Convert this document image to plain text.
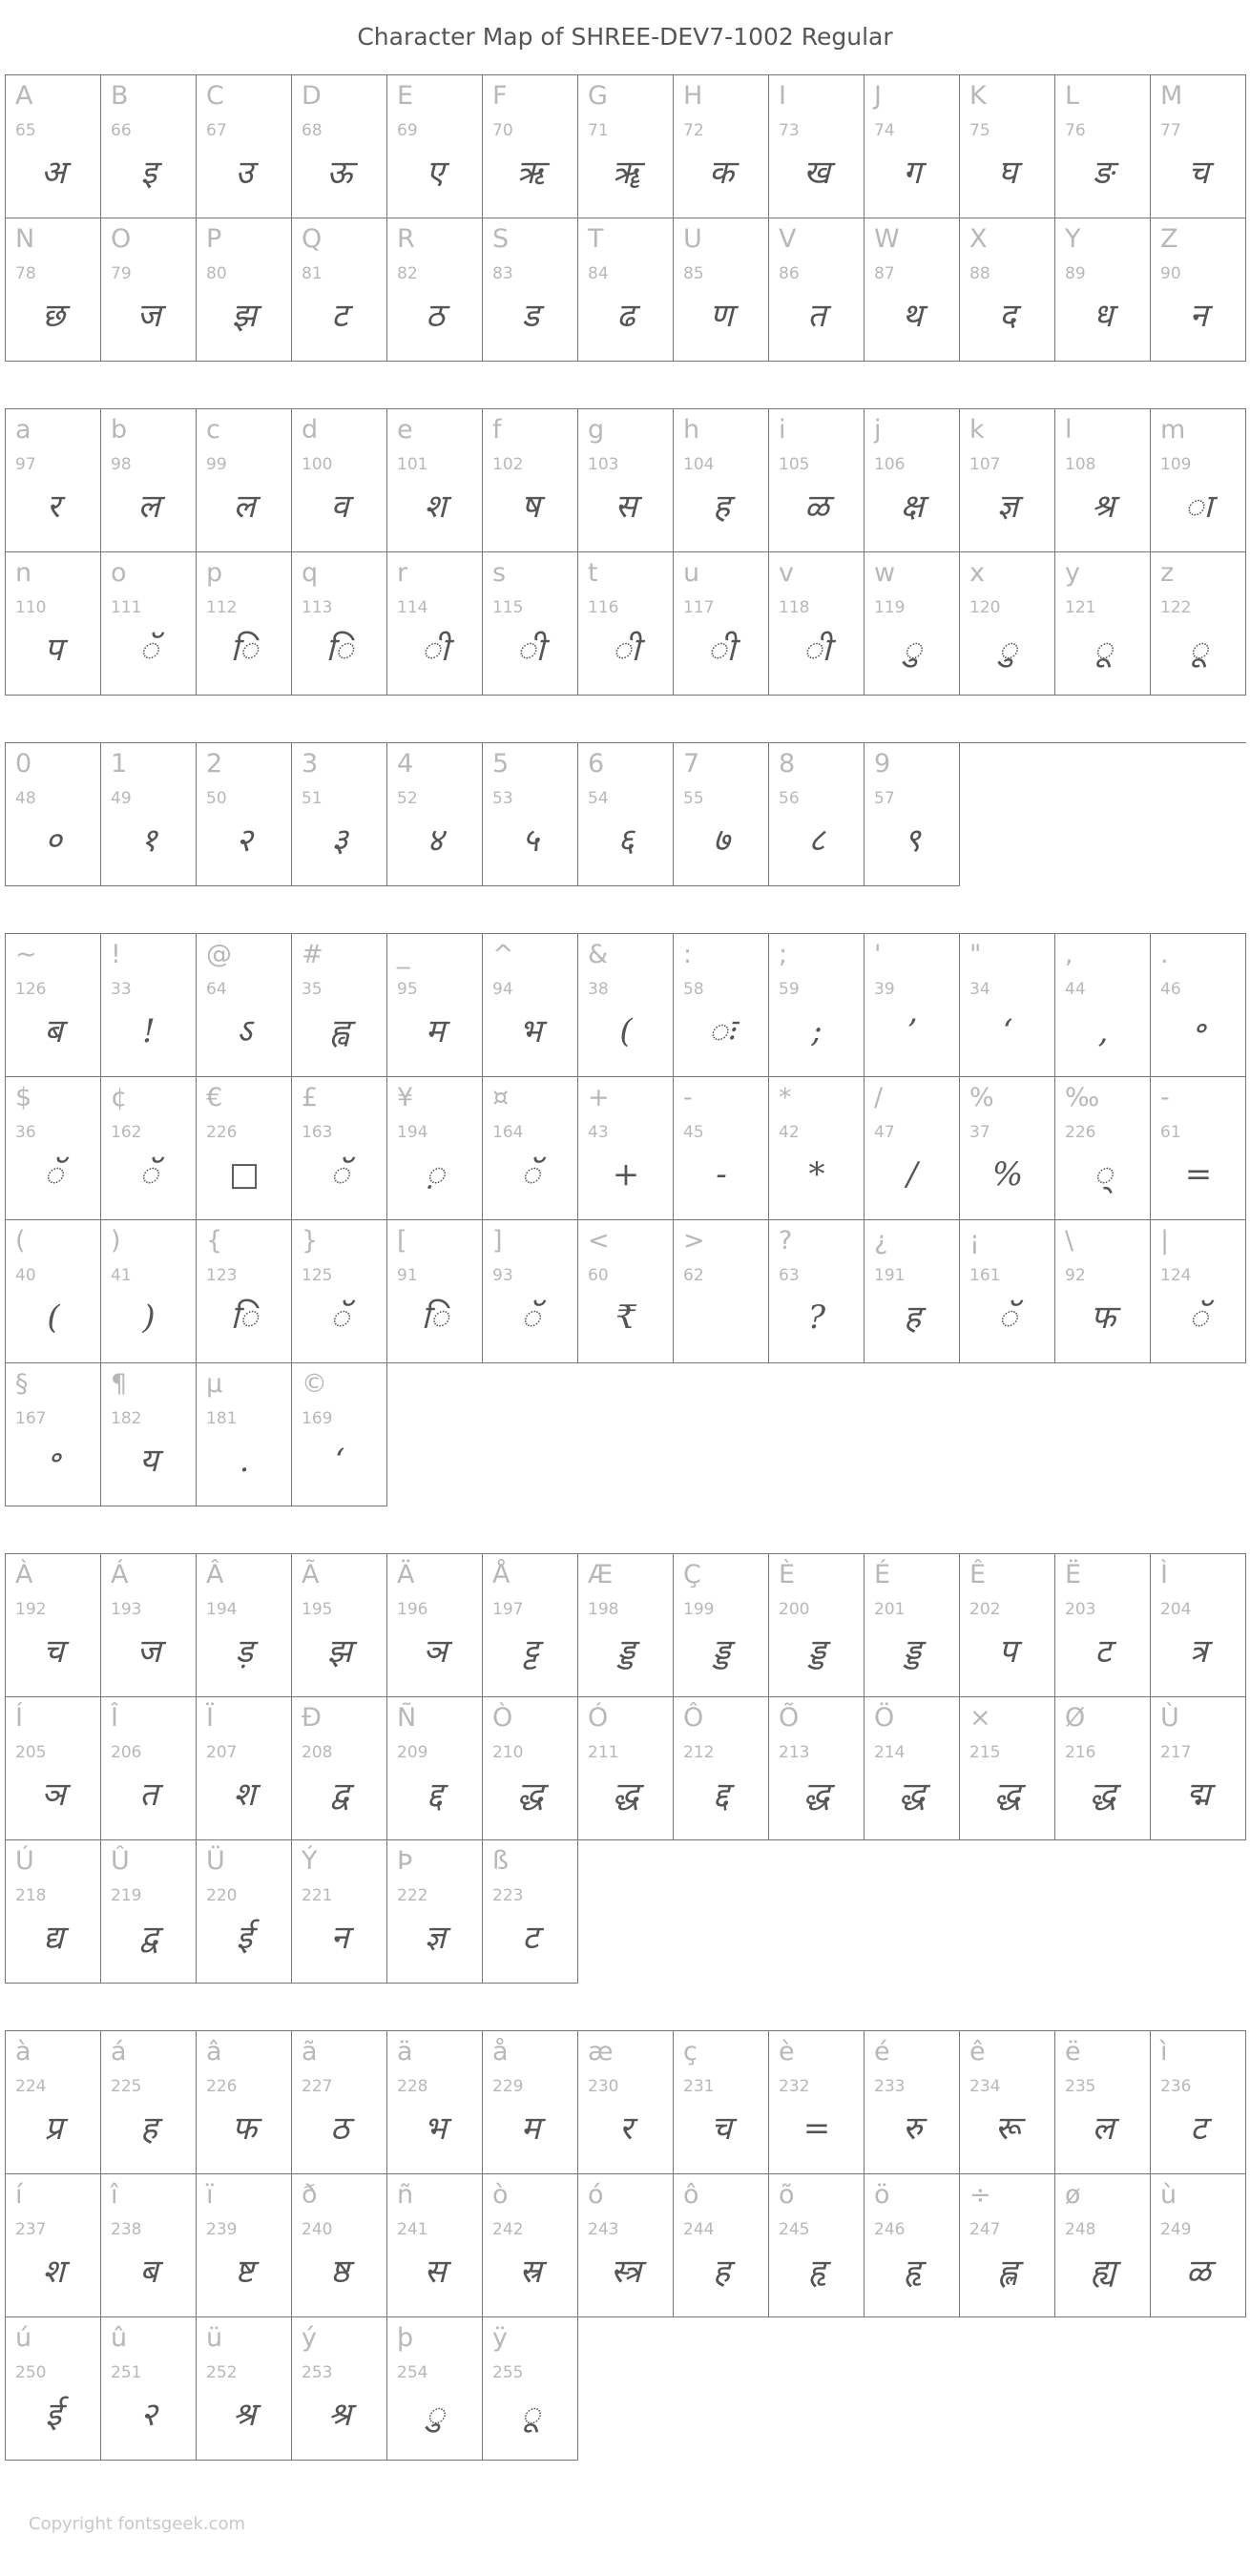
Character Map of SHREE-DEV7-1002 Regular
A
65
अ
B
66
इ
C
67
उ
D
68
ऊ
E
69
ए
F
70
ऋ
G
71
ॠ
H
72
क
I
73
ख
J
74
ग
K
75
घ
L
76
ङ
M
77
च
N
78
छ
O
79
ज
P
80
झ
Q
81
ट
R
82
ठ
S
83
ड
T
84
ढ
U
85
ण
V
86
त
W
87
थ
X
88
द
Y
89
ध
Z
90
न
a
97
र
b
98
ल
c
99
ल
d
100
व
e
101
श
f
102
ष
g
103
स
h
104
ह
i
105
ळ
j
106
क्ष
k
107
ज्ञ
l
108
श्र
m
109
ा
n
110
प
o
111
ॅ
p
112
ि
q
113
ि
r
114
ी
s
115
ी
t
116
ी
u
117
ी
v
118
ी
w
119
ु
x
120
ु
y
121
ू
z
122
ू
0
48
०
1
49
१
2
50
२
3
51
३
4
52
४
5
53
५
6
54
६
7
55
७
8
56
८
9
57
९
~
126
ब
!
33
!
@
64
ऽ
#
35
ह्व
_
95
म
^
94
भ
&
38
(
:
58
ः
;
59
;
'
39
’
"
34
‘
,
44
,
.
46
॰
$
36
ॅ
¢
162
ॅ
€
226
□
£
163
ॅ
¥
194
़
¤
164
ॅ
+
43
+
-
45
-
*
42
*
/
47
/
%
37
%
‰
226
्
-
61
=
(
40
(
)
41
)
{
123
ि
}
125
ॅ
[
91
ि
]
93
ॅ
<
60
₹
>
62
?
63
?
¿
191
ह
¡
161
ॅ
\
92
फ
|
124
ॅ
§
167
॰
¶
182
य
µ
181
.
©
169
‘
À
192
च
Á
193
ज
Â
194
ड़
Ã
195
झ
Ä
196
ञ
Å
197
ट्ट
Æ
198
ड्ड
Ç
199
ड्ड
È
200
ड्ड
É
201
ड्ड
Ê
202
प
Ë
203
ट
Ì
204
त्र
Í
205
ञ
Î
206
त
Ï
207
श
Ð
208
द्व
Ñ
209
द्द
Ò
210
द्ध
Ó
211
द्ध
Ô
212
द्द
Õ
213
द्ध
Ö
214
द्ध
×
215
द्ध
Ø
216
द्ध
Ù
217
द्म
Ú
218
द्य
Û
219
द्व
Ü
220
ई
Ý
221
न
Þ
222
ज्ञ
ß
223
ट
à
224
प्र
á
225
ह
â
226
फ
ã
227
ठ
ä
228
भ
å
229
म
æ
230
र
ç
231
च
è
232
=
é
233
रु
ê
234
रू
ë
235
ल
ì
236
ट
í
237
श
î
238
ब
ï
239
ष्ट
ð
240
ष्ठ
ñ
241
स
ò
242
स्र
ó
243
स्त्र
ô
244
ह
õ
245
हृ
ö
246
हृ
÷
247
ह्ल
ø
248
ह्य
ù
249
ळ
ú
250
ई
û
251
२
ü
252
श्र
ý
253
श्र
þ
254
ु
ÿ
255
ू
Copyright fontsgeek.com
